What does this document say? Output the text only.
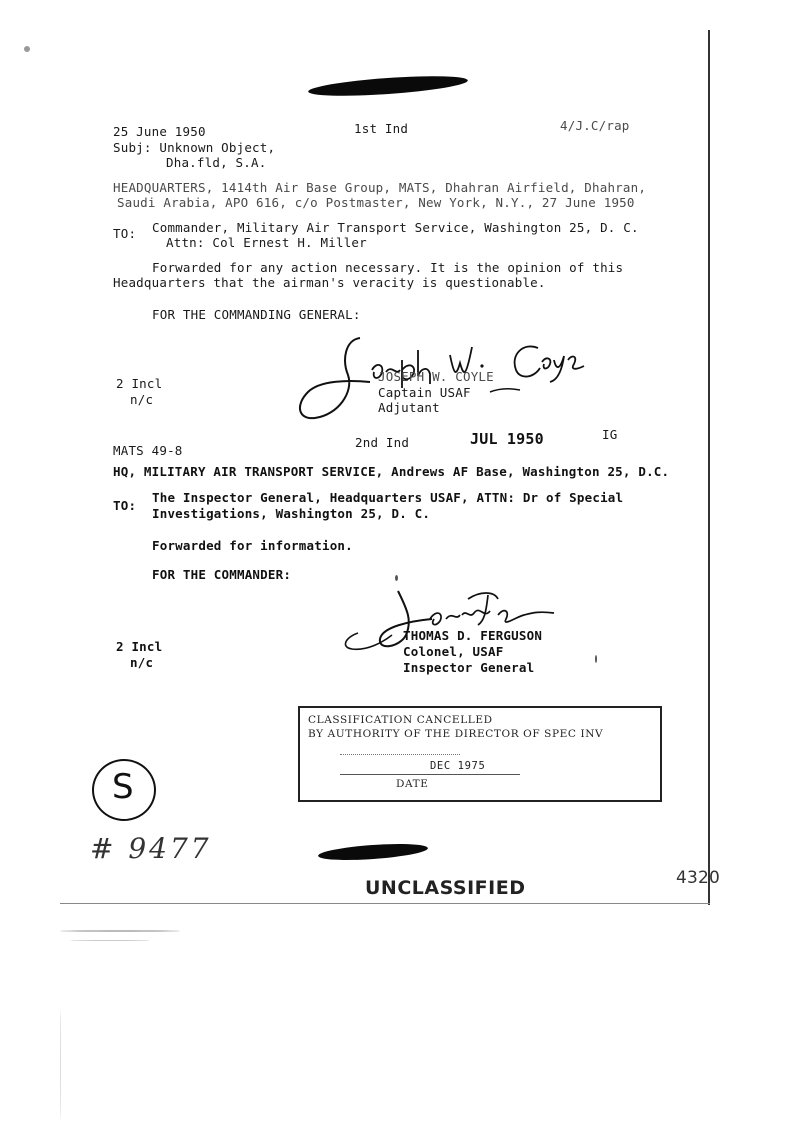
25 June 1950	1st Ind	4/J.C/rap
Subj: Unknown Object,
Dha.fld, S.A.
HEADQUARTERS, 1414th Air Base Group, MATS, Dhahran Airfield, Dhahran,
Saudi Arabia, APO 616, c/o Postmaster, New York, N.Y., 27 June 1950
TO: Commander, Military Air Transport Service, Washington 25, D. C.
Attn: Col Ernest H. Miller
Forwarded for any action necessary. It is the opinion of this
Headquarters that the airman's veracity is questionable.
FOR THE COMMANDING GENERAL:
JOSEPH W. COYLE
Captain USAF
Adjutant
2 Incl
n/c
MATS 49-8
2nd Ind	JUL 1950	IG
HQ, MILITARY AIR TRANSPORT SERVICE, Andrews AF Base, Washington 25, D.C.
TO:
The Inspector General, Headquarters USAF, ATTN: Dr of Special
Investigations, Washington 25, D. C.
Forwarded for information.
FOR THE COMMANDER:
THOMAS D. FERGUSON
Colonel, USAF
Inspector General
2 Incl
n/c
CLASSIFICATION CANCELLED
BY AUTHORITY OF THE DIRECTOR OF SPEC INV
DEC 1975
DATE
S
# 9477
UNCLASSIFIED	4320
